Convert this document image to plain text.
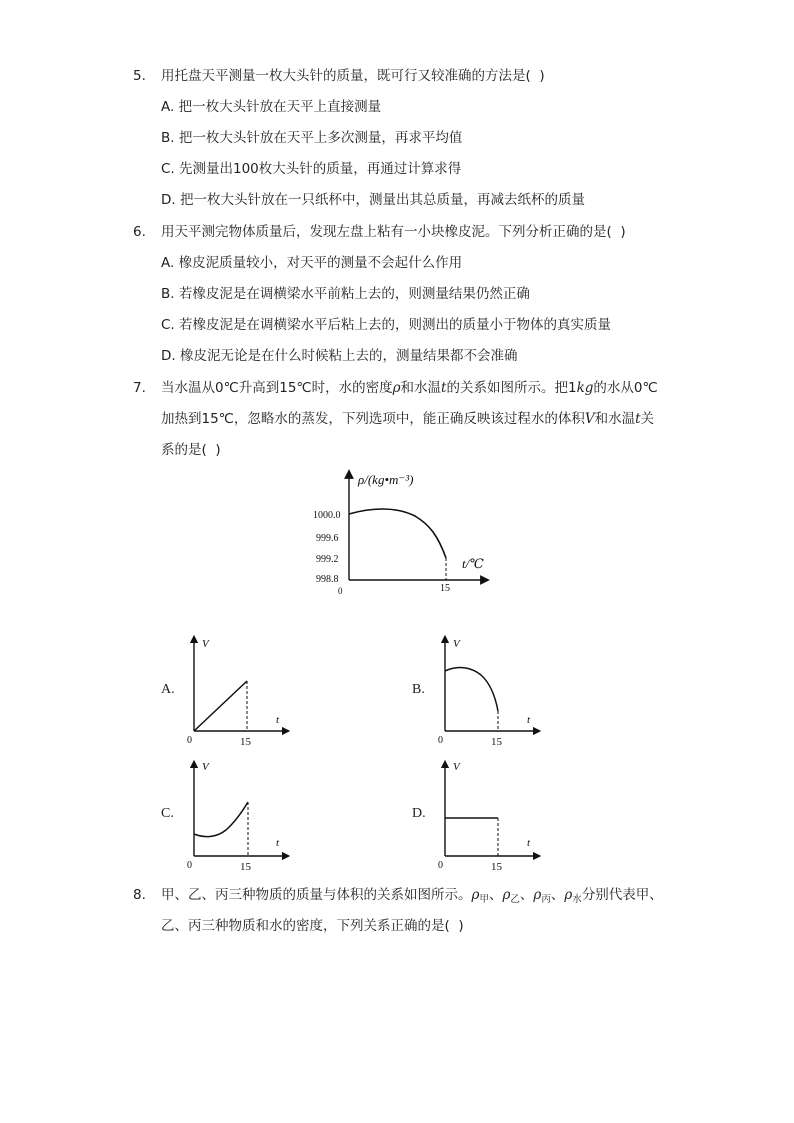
5. 用托盘天平测量一枚大头针的质量，既可行又较准确的方法是(  )
A. 把一枚大头针放在天平上直接测量
B. 把一枚大头针放在天平上多次测量，再求平均值
C. 先测量出100枚大头针的质量，再通过计算求得
D. 把一枚大头针放在一只纸杯中，测量出其总质量，再减去纸杯的质量
6. 用天平测完物体质量后，发现左盘上粘有一小块橡皮泥。下列分析正确的是(  )
A. 橡皮泥质量较小，对天平的测量不会起什么作用
B. 若橡皮泥是在调横梁水平前粘上去的，则测量结果仍然正确
C. 若橡皮泥是在调横梁水平后粘上去的，则测出的质量小于物体的真实质量
D. 橡皮泥无论是在什么时候粘上去的，测量结果都不会准确
7. 当水温从0℃升高到15℃时，水的密度ρ和水温t的关系如图所示。把1kg的水从0℃
加热到15℃，忽略水的蒸发，下列选项中，能正确反映该过程水的体积V和水温t关
系的是(  )
ρ/(kg•m⁻³)
1000.0
999.6
999.2
998.8
0	15
t/℃
A.
V
t
0	15
B.
V
t
0	15
C.
V
t
0	15
D.
V
t
0	15
8. 甲、乙、丙三种物质的质量与体积的关系如图所示。$\rho_甲$、$\rho_乙$、$\rho_丙$、$\rho_水$分别代表甲、
乙、丙三种物质和水的密度，下列关系正确的是(  )
